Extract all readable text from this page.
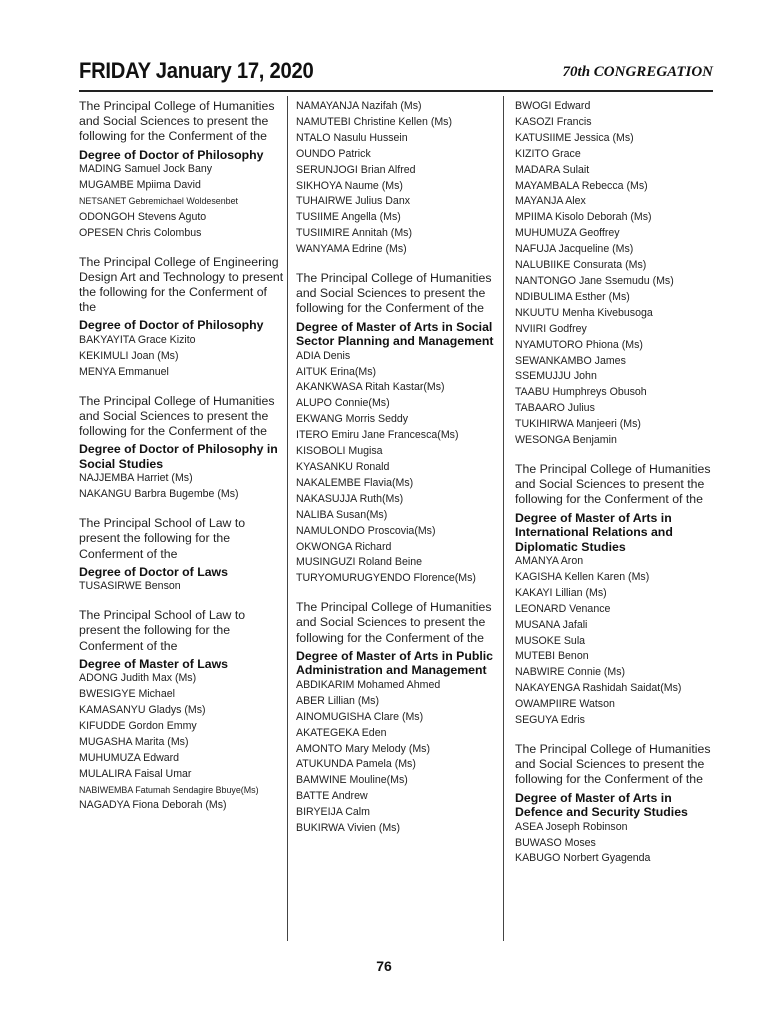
FRIDAY January 17, 2020	70th CONGREGATION
The Principal College of Humanities and Social Sciences to present the following for the Conferment of the
Degree of Doctor of Philosophy
MADING Samuel Jock Bany
MUGAMBE Mpiima David
NETSANET Gebremichael Woldesenbet
ODONGOH Stevens Aguto
OPESEN Chris Colombus
The Principal College of Engineering Design Art and Technology to present the following for the Conferment of the
Degree of Doctor of Philosophy
BAKYAYITA Grace Kizito
KEKIMULI Joan (Ms)
MENYA Emmanuel
The Principal College of Humanities and Social Sciences to present the following for the Conferment of the
Degree of Doctor of Philosophy in Social Studies
NAJJEMBA Harriet (Ms)
NAKANGU Barbra Bugembe (Ms)
The Principal School of Law to present the following for the Conferment of the
Degree of Doctor of Laws
TUSASIRWE Benson
The Principal School of Law to present the following for the Conferment of the
Degree of Master of Laws
ADONG Judith Max (Ms)
BWESIGYE Michael
KAMASANYU Gladys (Ms)
KIFUDDE Gordon Emmy
MUGASHA Marita (Ms)
MUHUMUZA Edward
MULALIRA Faisal Umar
NABIWEMBA Fatumah Sendagire Bbuye(Ms)
NAGADYA Fiona Deborah (Ms)
NAMAYANJA Nazifah (Ms)
NAMUTEBI Christine Kellen (Ms)
NTALO Nasulu Hussein
OUNDO Patrick
SERUNJOGI Brian Alfred
SIKHOYA Naume (Ms)
TUHAIRWE Julius Danx
TUSIIME Angella (Ms)
TUSIIMIRE Annitah (Ms)
WANYAMA Edrine (Ms)
The Principal College of Humanities and Social Sciences to present the following for the Conferment of the
Degree of Master of Arts in Social Sector Planning and Management
ADIA Denis
AITUK Erina(Ms)
AKANKWASA Ritah Kastar(Ms)
ALUPO Connie(Ms)
EKWANG Morris Seddy
ITERO Emiru Jane Francesca(Ms)
KISOBOLI Mugisa
KYASANKU Ronald
NAKALEMBE Flavia(Ms)
NAKASUJJA Ruth(Ms)
NALIBA Susan(Ms)
NAMULONDO Proscovia(Ms)
OKWONGA Richard
MUSINGUZI Roland Beine
TURYOMURUGYENDO Florence(Ms)
The Principal College of Humanities and Social Sciences to present the following for the Conferment of the
Degree of Master of Arts in Public Administration and Management
ABDIKARIM Mohamed Ahmed
ABER Lillian (Ms)
AINOMUGISHA Clare (Ms)
AKATEGEKA Eden
AMONTO Mary Melody (Ms)
ATUKUNDA Pamela (Ms)
BAMWINE Mouline(Ms)
BATTE Andrew
BIRYEIJA Calm
BUKIRWA Vivien (Ms)
BWOGI Edward
KASOZI Francis
KATUSIIME Jessica (Ms)
KIZITO Grace
MADARA Sulait
MAYAMBALA Rebecca (Ms)
MAYANJA Alex
MPIIMA Kisolo Deborah (Ms)
MUHUMUZA Geoffrey
NAFUJA Jacqueline (Ms)
NALUBIIKE Consurata (Ms)
NANTONGO Jane Ssemudu (Ms)
NDIBULIMA Esther (Ms)
NKUUTU Menha Kivebusoga
NVIIRI Godfrey
NYAMUTORO Phiona (Ms)
SEWANKAMBO James
SSEMUJJU John
TAABU Humphreys Obusoh
TABAARO Julius
TUKIHIRWA Manjeeri (Ms)
WESONGA Benjamin
The Principal College of Humanities and Social Sciences to present the following for the Conferment of the
Degree of Master of Arts in International Relations and Diplomatic Studies
AMANYA Aron
KAGISHA Kellen Karen (Ms)
KAKAYI Lillian (Ms)
LEONARD Venance
MUSANA Jafali
MUSOKE Sula
MUTEBI Benon
NABWIRE Connie (Ms)
NAKAYENGA Rashidah Saidat(Ms)
OWAMPIIRE Watson
SEGUYA Edris
The Principal College of Humanities and Social Sciences to present the following for the Conferment of the
Degree of Master of Arts in Defence and Security Studies
ASEA Joseph Robinson
BUWASO Moses
KABUGO Norbert Gyagenda
76
